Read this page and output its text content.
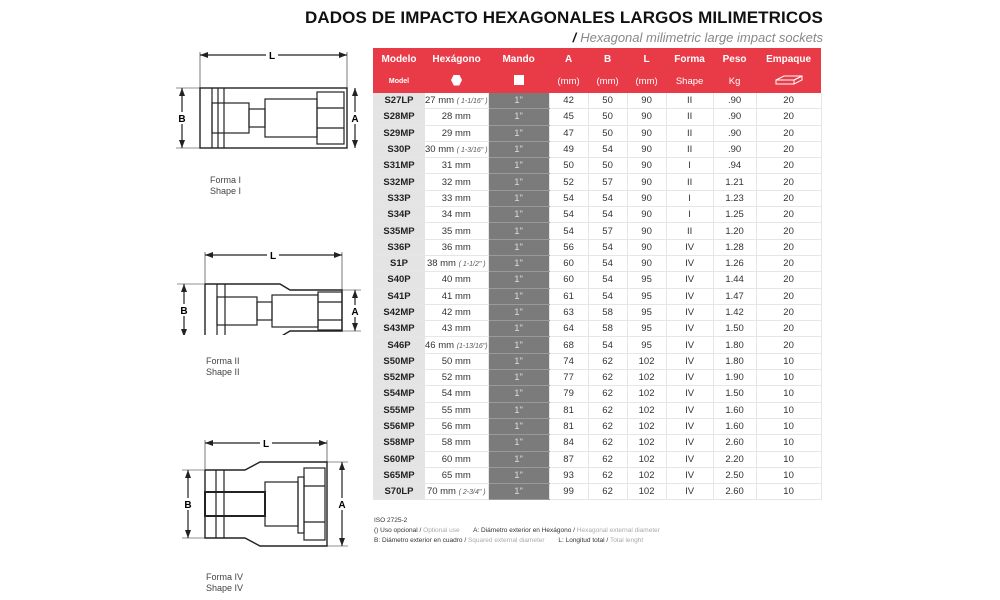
DADOS DE IMPACTO HEXAGONALES LARGOS MILIMETRICOS
/ Hexagonal milimetric large impact sockets
L
B	A
Forma I
Shape I
L
B	A
Forma II
Shape II
L
B	A
Forma IV
Shape IV
Modelo	Hexágono	Mando	A	B	L	Forma	Peso	Empaque
Model			(mm)	(mm)	(mm)	Shape	Kg	
S27LP	27 mm ( 1-1/16" )	1"	42	50	90	II	.90	20
S28MP	28 mm	1"	45	50	90	II	.90	20
S29MP	29 mm	1"	47	50	90	II	.90	20
S30P	30 mm ( 1-3/16" )	1"	49	54	90	II	.90	20
S31MP	31 mm	1"	50	50	90	I	.94	20
S32MP	32 mm	1"	52	57	90	II	1.21	20
S33P	33 mm	1"	54	54	90	I	1.23	20
S34P	34 mm	1"	54	54	90	I	1.25	20
S35MP	35 mm	1"	54	57	90	II	1.20	20
S36P	36 mm	1"	56	54	90	IV	1.28	20
S1P	38 mm ( 1-1/2" )	1"	60	54	90	IV	1.26	20
S40P	40 mm	1"	60	54	95	IV	1.44	20
S41P	41 mm	1"	61	54	95	IV	1.47	20
S42MP	42 mm	1"	63	58	95	IV	1.42	20
S43MP	43 mm	1"	64	58	95	IV	1.50	20
S46P	46 mm (1-13/16")	1"	68	54	95	IV	1.80	20
S50MP	50 mm	1"	74	62	102	IV	1.80	10
S52MP	52 mm	1"	77	62	102	IV	1.90	10
S54MP	54 mm	1"	79	62	102	IV	1.50	10
S55MP	55 mm	1"	81	62	102	IV	1.60	10
S56MP	56 mm	1"	81	62	102	IV	1.60	10
S58MP	58 mm	1"	84	62	102	IV	2.60	10
S60MP	60 mm	1"	87	62	102	IV	2.20	10
S65MP	65 mm	1"	93	62	102	IV	2.50	10
S70LP	70 mm ( 2-3/4" )	1"	99	62	102	IV	2.60	10
ISO 2725-2
() Uso opcional / Optional use A: Diámetro exterior en Hexágono / Hexagonal external diameter
B: Diámetro exterior en cuadro / Squared external diameter L: Longitud total / Total lenght
